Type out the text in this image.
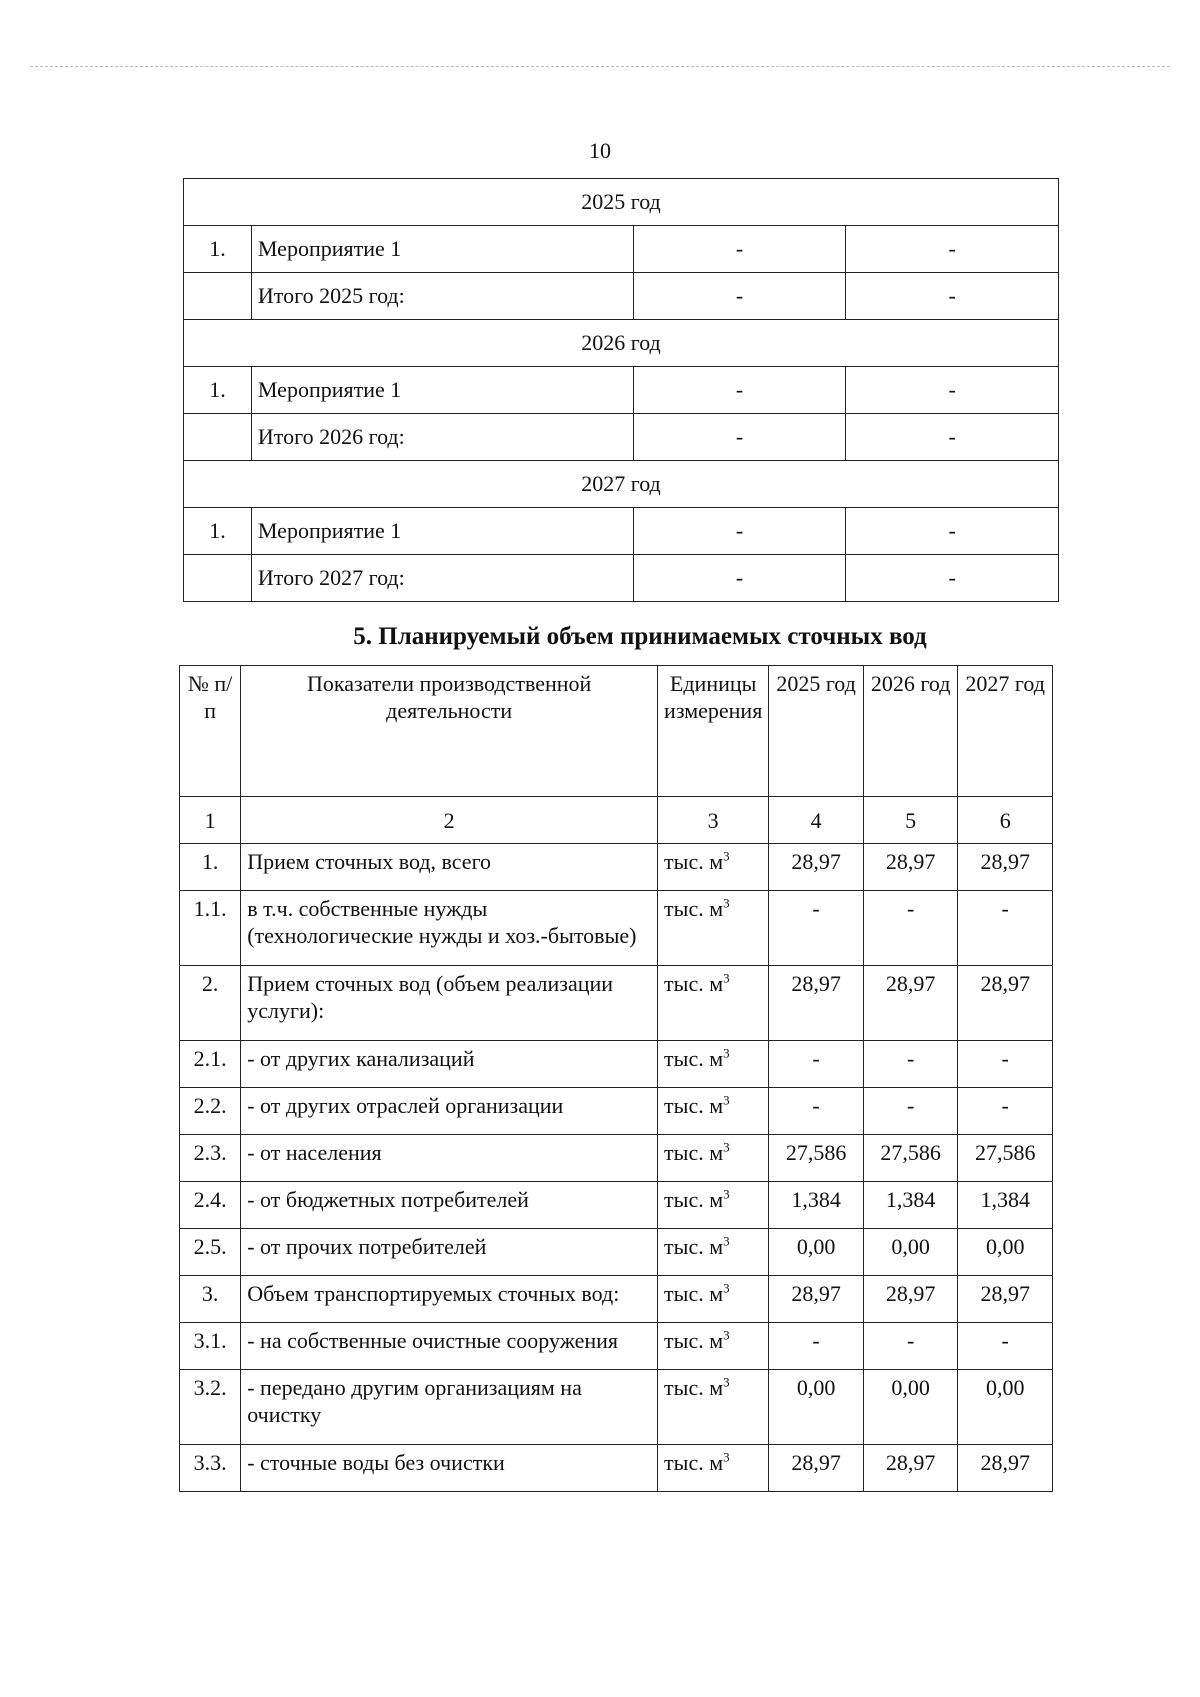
10
2025 год			
1.	Мероприятие 1	-	-
	Итого 2025 год:	-	-
2026 год			
1.	Мероприятие 1	-	-
	Итого 2026 год:	-	-
2027 год			
1.	Мероприятие 1	-	-
	Итого 2027 год:	-	-
5. Планируемый объем принимаемых сточных вод
№ п/п	Показатели производственной деятельности	Единицы измерения	2025 год	2026 год	2027 год
1	2	3	4	5	6
1.	Прием сточных вод, всего	тыс. $м^3$	28,97	28,97	28,97
1.1.	в т.ч. собственные нужды (технологические нужды и хоз.-бытовые)	тыс. $м^3$	-	-	-
2.	Прием сточных вод (объем реализации услуги):	тыс. $м^3$	28,97	28,97	28,97
2.1.	- от других канализаций	тыс. $м^3$	-	-	-
2.2.	- от других отраслей организации	тыс. $м^3$	-	-	-
2.3.	- от населения	тыс. $м^3$	27,586	27,586	27,586
2.4.	- от бюджетных потребителей	тыс. $м^3$	1,384	1,384	1,384
2.5.	- от прочих потребителей	тыс. $м^3$	0,00	0,00	0,00
3.	Объем транспортируемых сточных вод:	тыс. $м^3$	28,97	28,97	28,97
3.1.	- на собственные очистные сооружения	тыс. $м^3$	-	-	-
3.2.	- передано другим организациям на очистку	тыс. $м^3$	0,00	0,00	0,00
3.3.	- сточные воды без очистки	тыс. $м^3$	28,97	28,97	28,97
